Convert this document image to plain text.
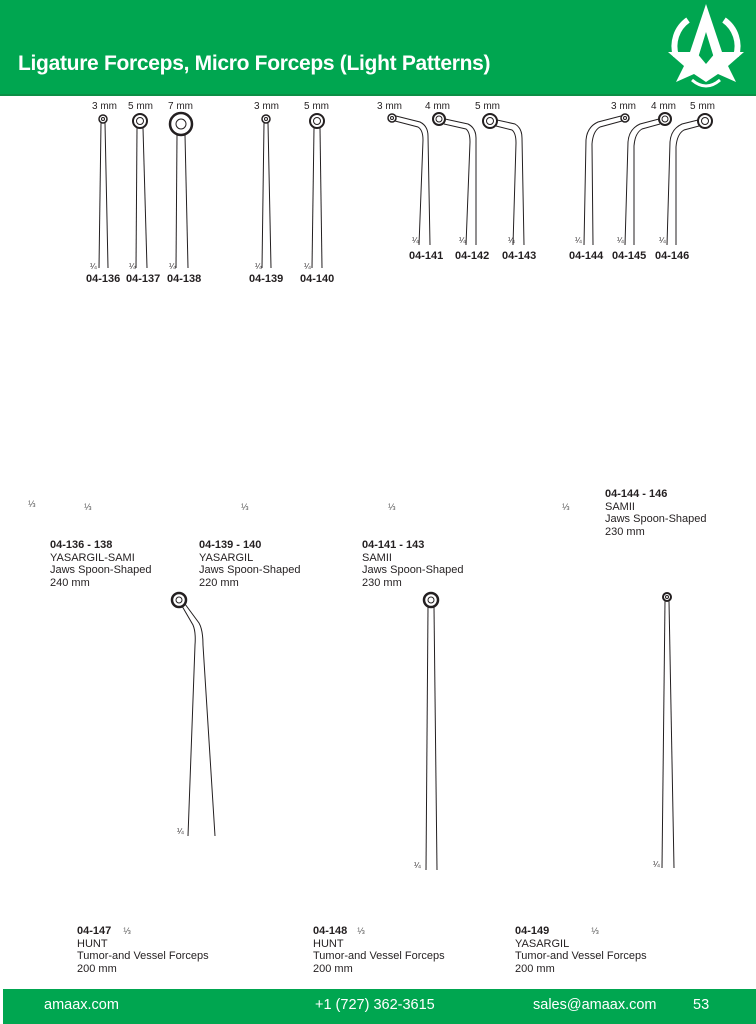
Ligature Forceps, Micro Forceps (Light Patterns)
3 mm 5 mm 7 mm
¼	¼	¼
04-136 04-137 04-138
3 mm	5 mm
¼	¼
04-139 04-140
3 mm 4 mm	5 mm
¼	¼	¼
04-141 04-142 04-143
3 mm 4 mm 5 mm
¼	¼	¼
04-144 04-145 04-146
⅓	⅓	⅓	⅓	⅓
04-136 - 138
YASARGIL-SAMI
Jaws Spoon-Shaped
240 mm
04-139 - 140
YASARGIL
Jaws Spoon-Shaped
220 mm
04-141 - 143
SAMII
Jaws Spoon-Shaped
230 mm
04-144 - 146
SAMII
Jaws Spoon-Shaped
230 mm
¼
¼	¼
04-147 ⅓
HUNT
Tumor-and Vessel Forceps
200 mm
04-148 ⅓
HUNT
Tumor-and Vessel Forceps
200 mm
04-149	⅓
YASARGIL
Tumor-and Vessel Forceps
200 mm
amaax.com	+1 (727) 362-3615	sales@amaax.com	53
